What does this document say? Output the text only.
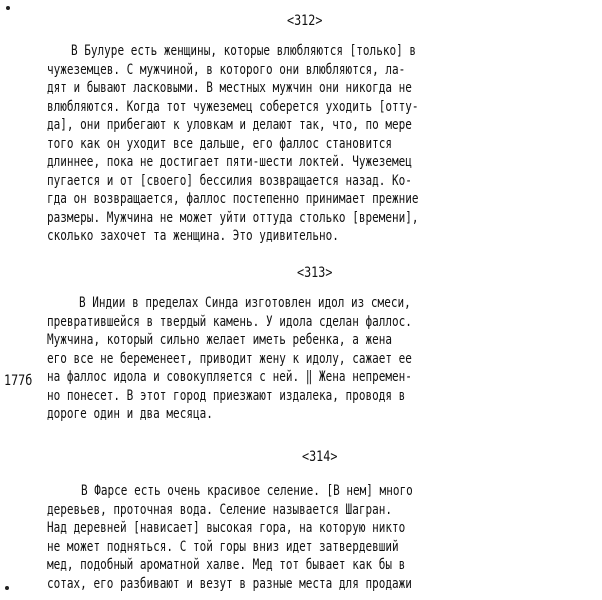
<312>
В Булуре есть женщины, которые влюбляются [только] в
чужеземцев. С мужчиной, в которого они влюбляются, ла-
дят и бывают ласковыми. В местных мужчин они никогда не
влюбляются. Когда тот чужеземец соберется уходить [отту-
да], они прибегают к уловкам и делают так, что, по мере
того как он уходит все дальше, его фаллос становится
длиннее, пока не достигает пяти-шести локтей. Чужеземец
пугается и от [своего] бессилия возвращается назад. Ко-
гда он возвращается, фаллос постепенно принимает прежние
размеры. Мужчина не может уйти оттуда столько [времени],
сколько захочет та женщина. Это удивительно.
<313>
В Индии в пределах Синда изготовлен идол из смеси,
превратившейся в твердый камень. У идола сделан фаллос.
Мужчина, который сильно желает иметь ребенка, а жена
его все не беременеет, приводит жену к идолу, сажает ее
на фаллос идола и совокупляется с ней. ‖ Жена непремен-
но понесет. В этот город приезжают издалека, проводя в
дороге один и два месяца.
177б
<314>
В Фарсе есть очень красивое селение. [В нем] много
деревьев, проточная вода. Селение называется Шагран.
Над деревней [нависает] высокая гора, на которую никто
не может подняться. С той горы вниз идет затвердевший
мед, подобный ароматной халве. Мед тот бывает как бы в
сотах, его разбивают и везут в разные места для продажи
